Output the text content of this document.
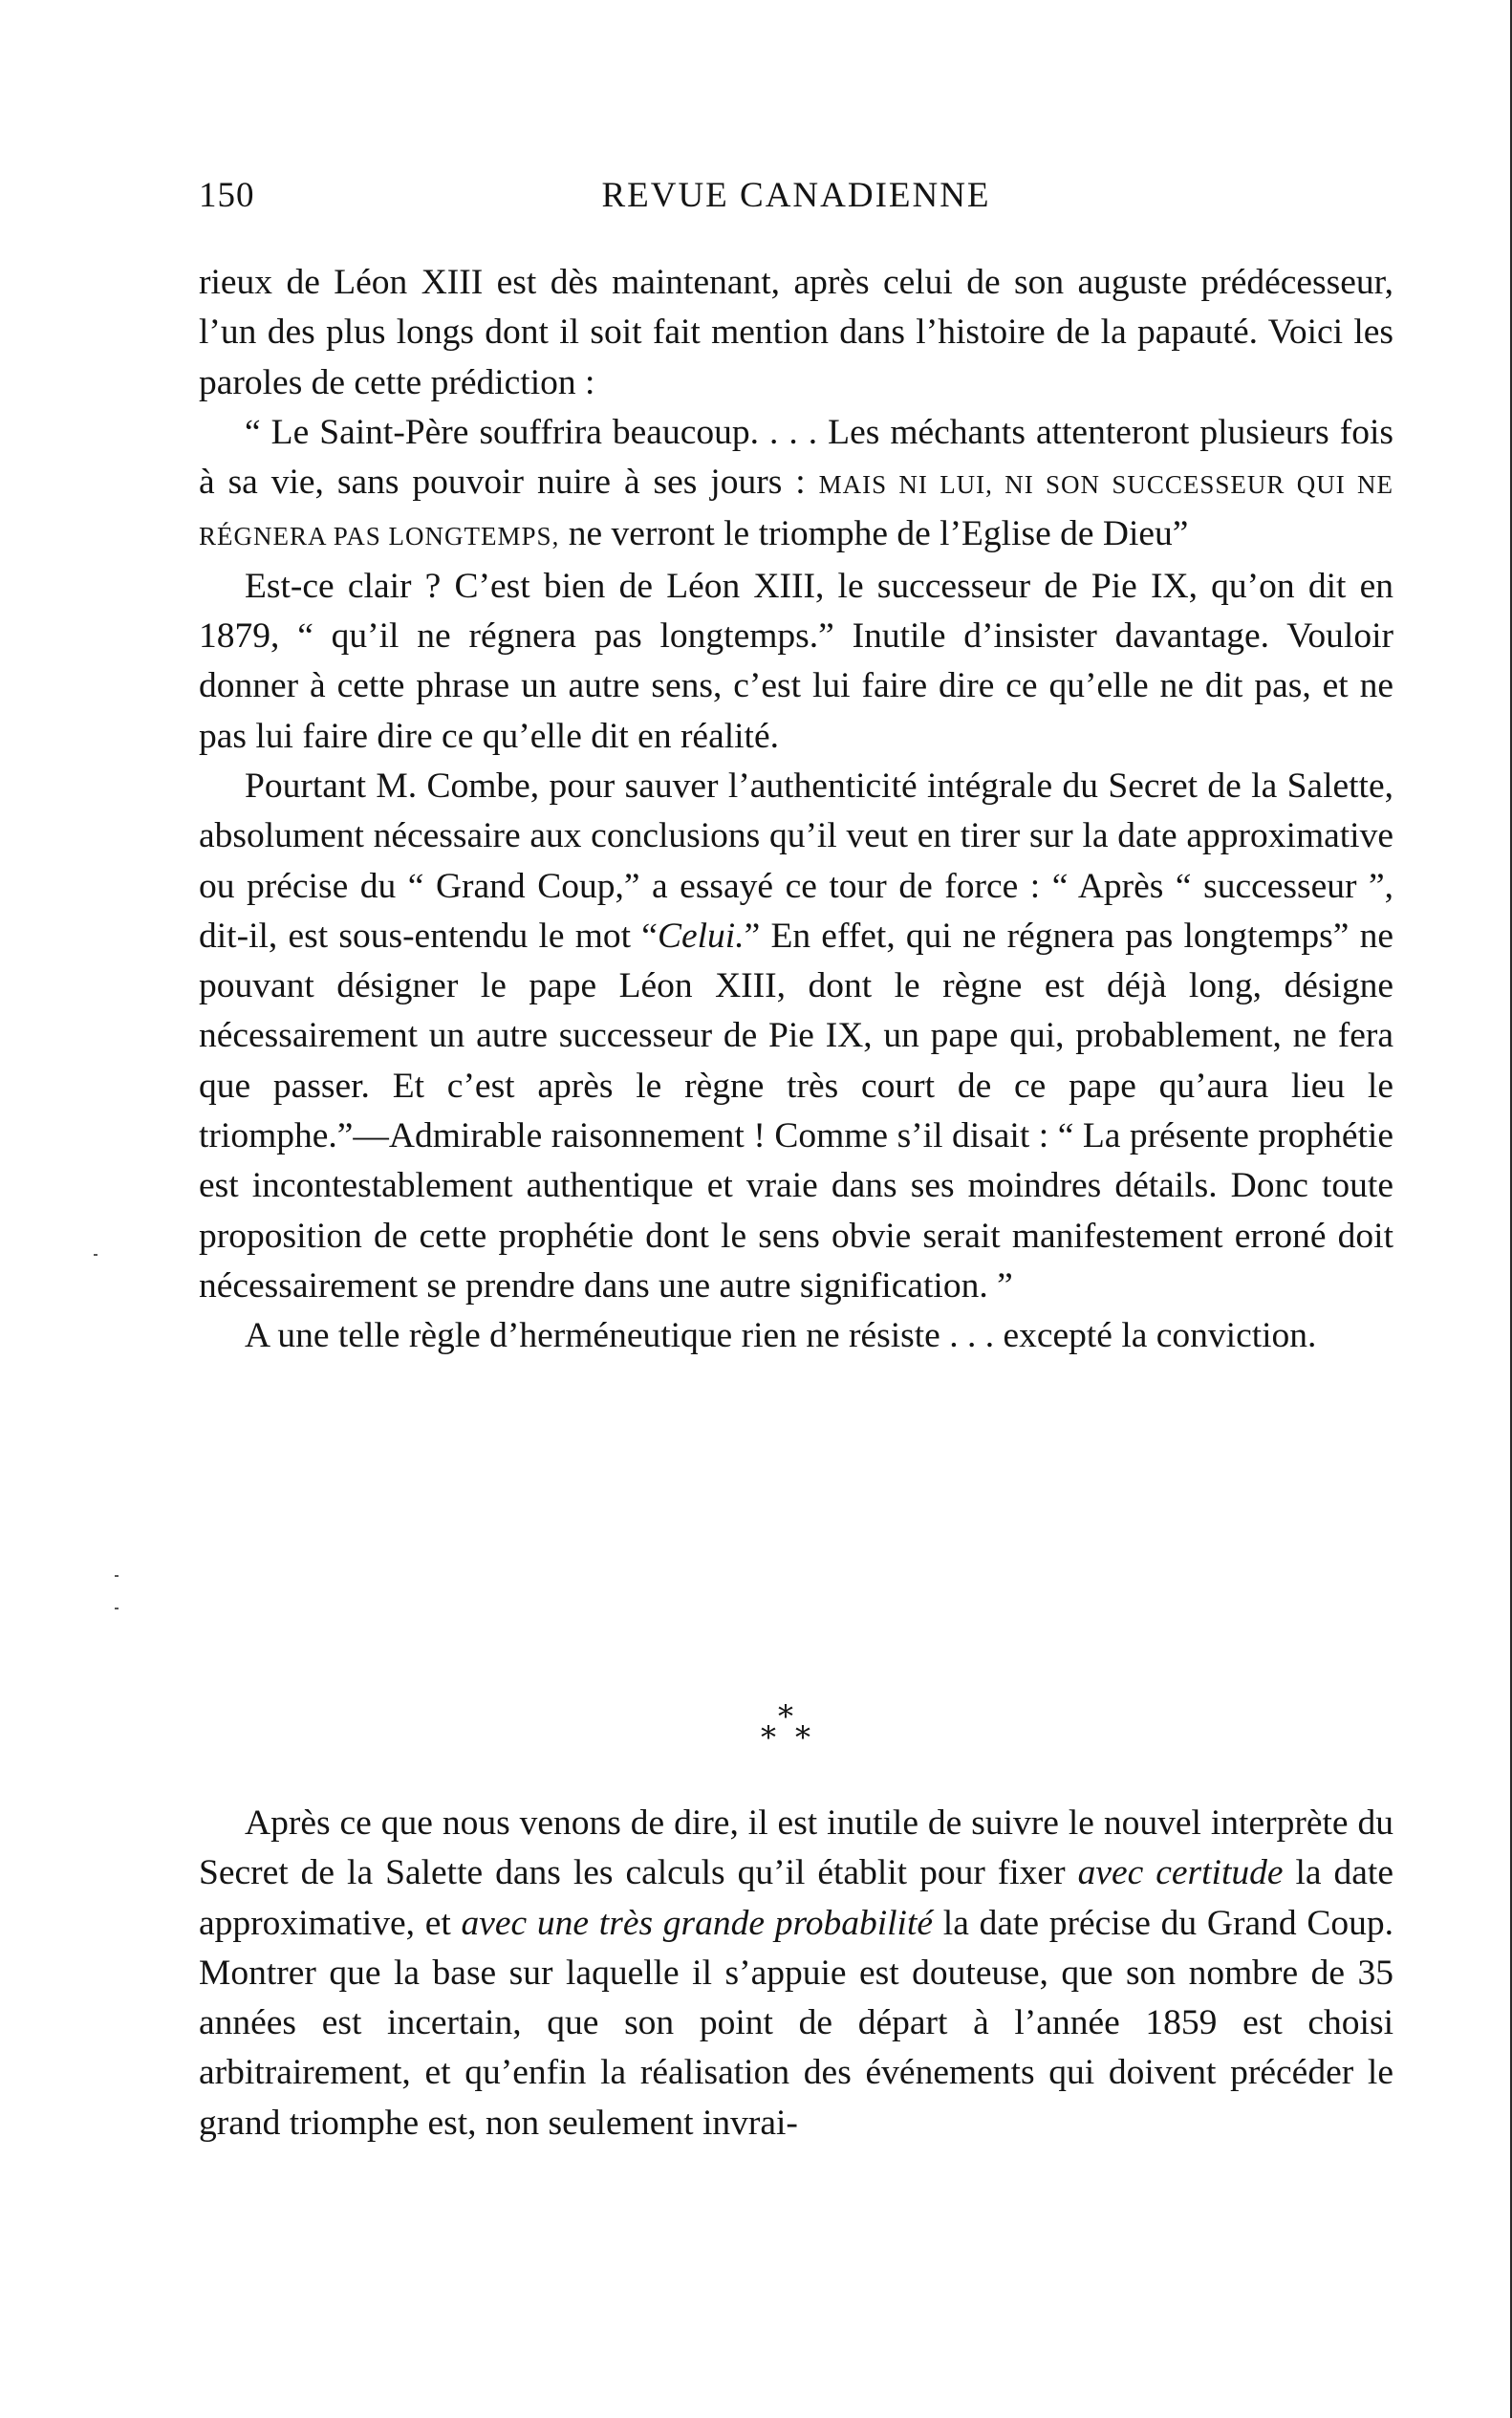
150	REVUE CANADIENNE

rieux de Léon XIII est dès maintenant, après celui de son auguste prédécesseur, l’un des plus longs dont il soit fait mention dans l’histoire de la papauté. Voici les paroles de cette prédiction :

“ Le Saint-Père souffrira beaucoup. . . . Les méchants attenteront plusieurs fois à sa vie, sans pouvoir nuire à ses jours : MAIS NI LUI, NI SON SUCCESSEUR QUI NE RÉGNERA PAS LONGTEMPS, ne verront le triomphe de l’Eglise de Dieu”

Est-ce clair ? C’est bien de Léon XIII, le successeur de Pie IX, qu’on dit en 1879, “ qu’il ne régnera pas longtemps.” Inutile d’insister davantage. Vouloir donner à cette phrase un autre sens, c’est lui faire dire ce qu’elle ne dit pas, et ne pas lui faire dire ce qu’elle dit en réalité.

Pourtant M. Combe, pour sauver l’authenticité intégrale du Secret de la Salette, absolument nécessaire aux conclusions qu’il veut en tirer sur la date approximative ou précise du “ Grand Coup,” a essayé ce tour de force : “ Après “ successeur ”, dit-il, est sous-entendu le mot “Celui.” En effet, qui ne régnera pas longtemps” ne pouvant désigner le pape Léon XIII, dont le règne est déjà long, désigne nécessairement un autre successeur de Pie IX, un pape qui, probablement, ne fera que passer. Et c’est après le règne très court de ce pape qu’aura lieu le triomphe.”—Admirable raisonnement ! Comme s’il disait : “ La présente prophétie est incontestablement authentique et vraie dans ses moindres détails. Donc toute proposition de cette prophétie dont le sens obvie serait manifestement erroné doit nécessairement se prendre dans une autre signification. ”

A une telle règle d’herméneutique rien ne résiste . . . excepté la conviction.

*
* *

Après ce que nous venons de dire, il est inutile de suivre le nouvel interprète du Secret de la Salette dans les calculs qu’il établit pour fixer avec certitude la date approximative, et avec une très grande probabilité la date précise du Grand Coup. Montrer que la base sur laquelle il s’appuie est douteuse, que son nombre de 35 années est incertain, que son point de départ à l’année 1859 est choisi arbitrairement, et qu’enfin la réalisation des événements qui doivent précéder le grand triomphe est, non seulement invrai-
